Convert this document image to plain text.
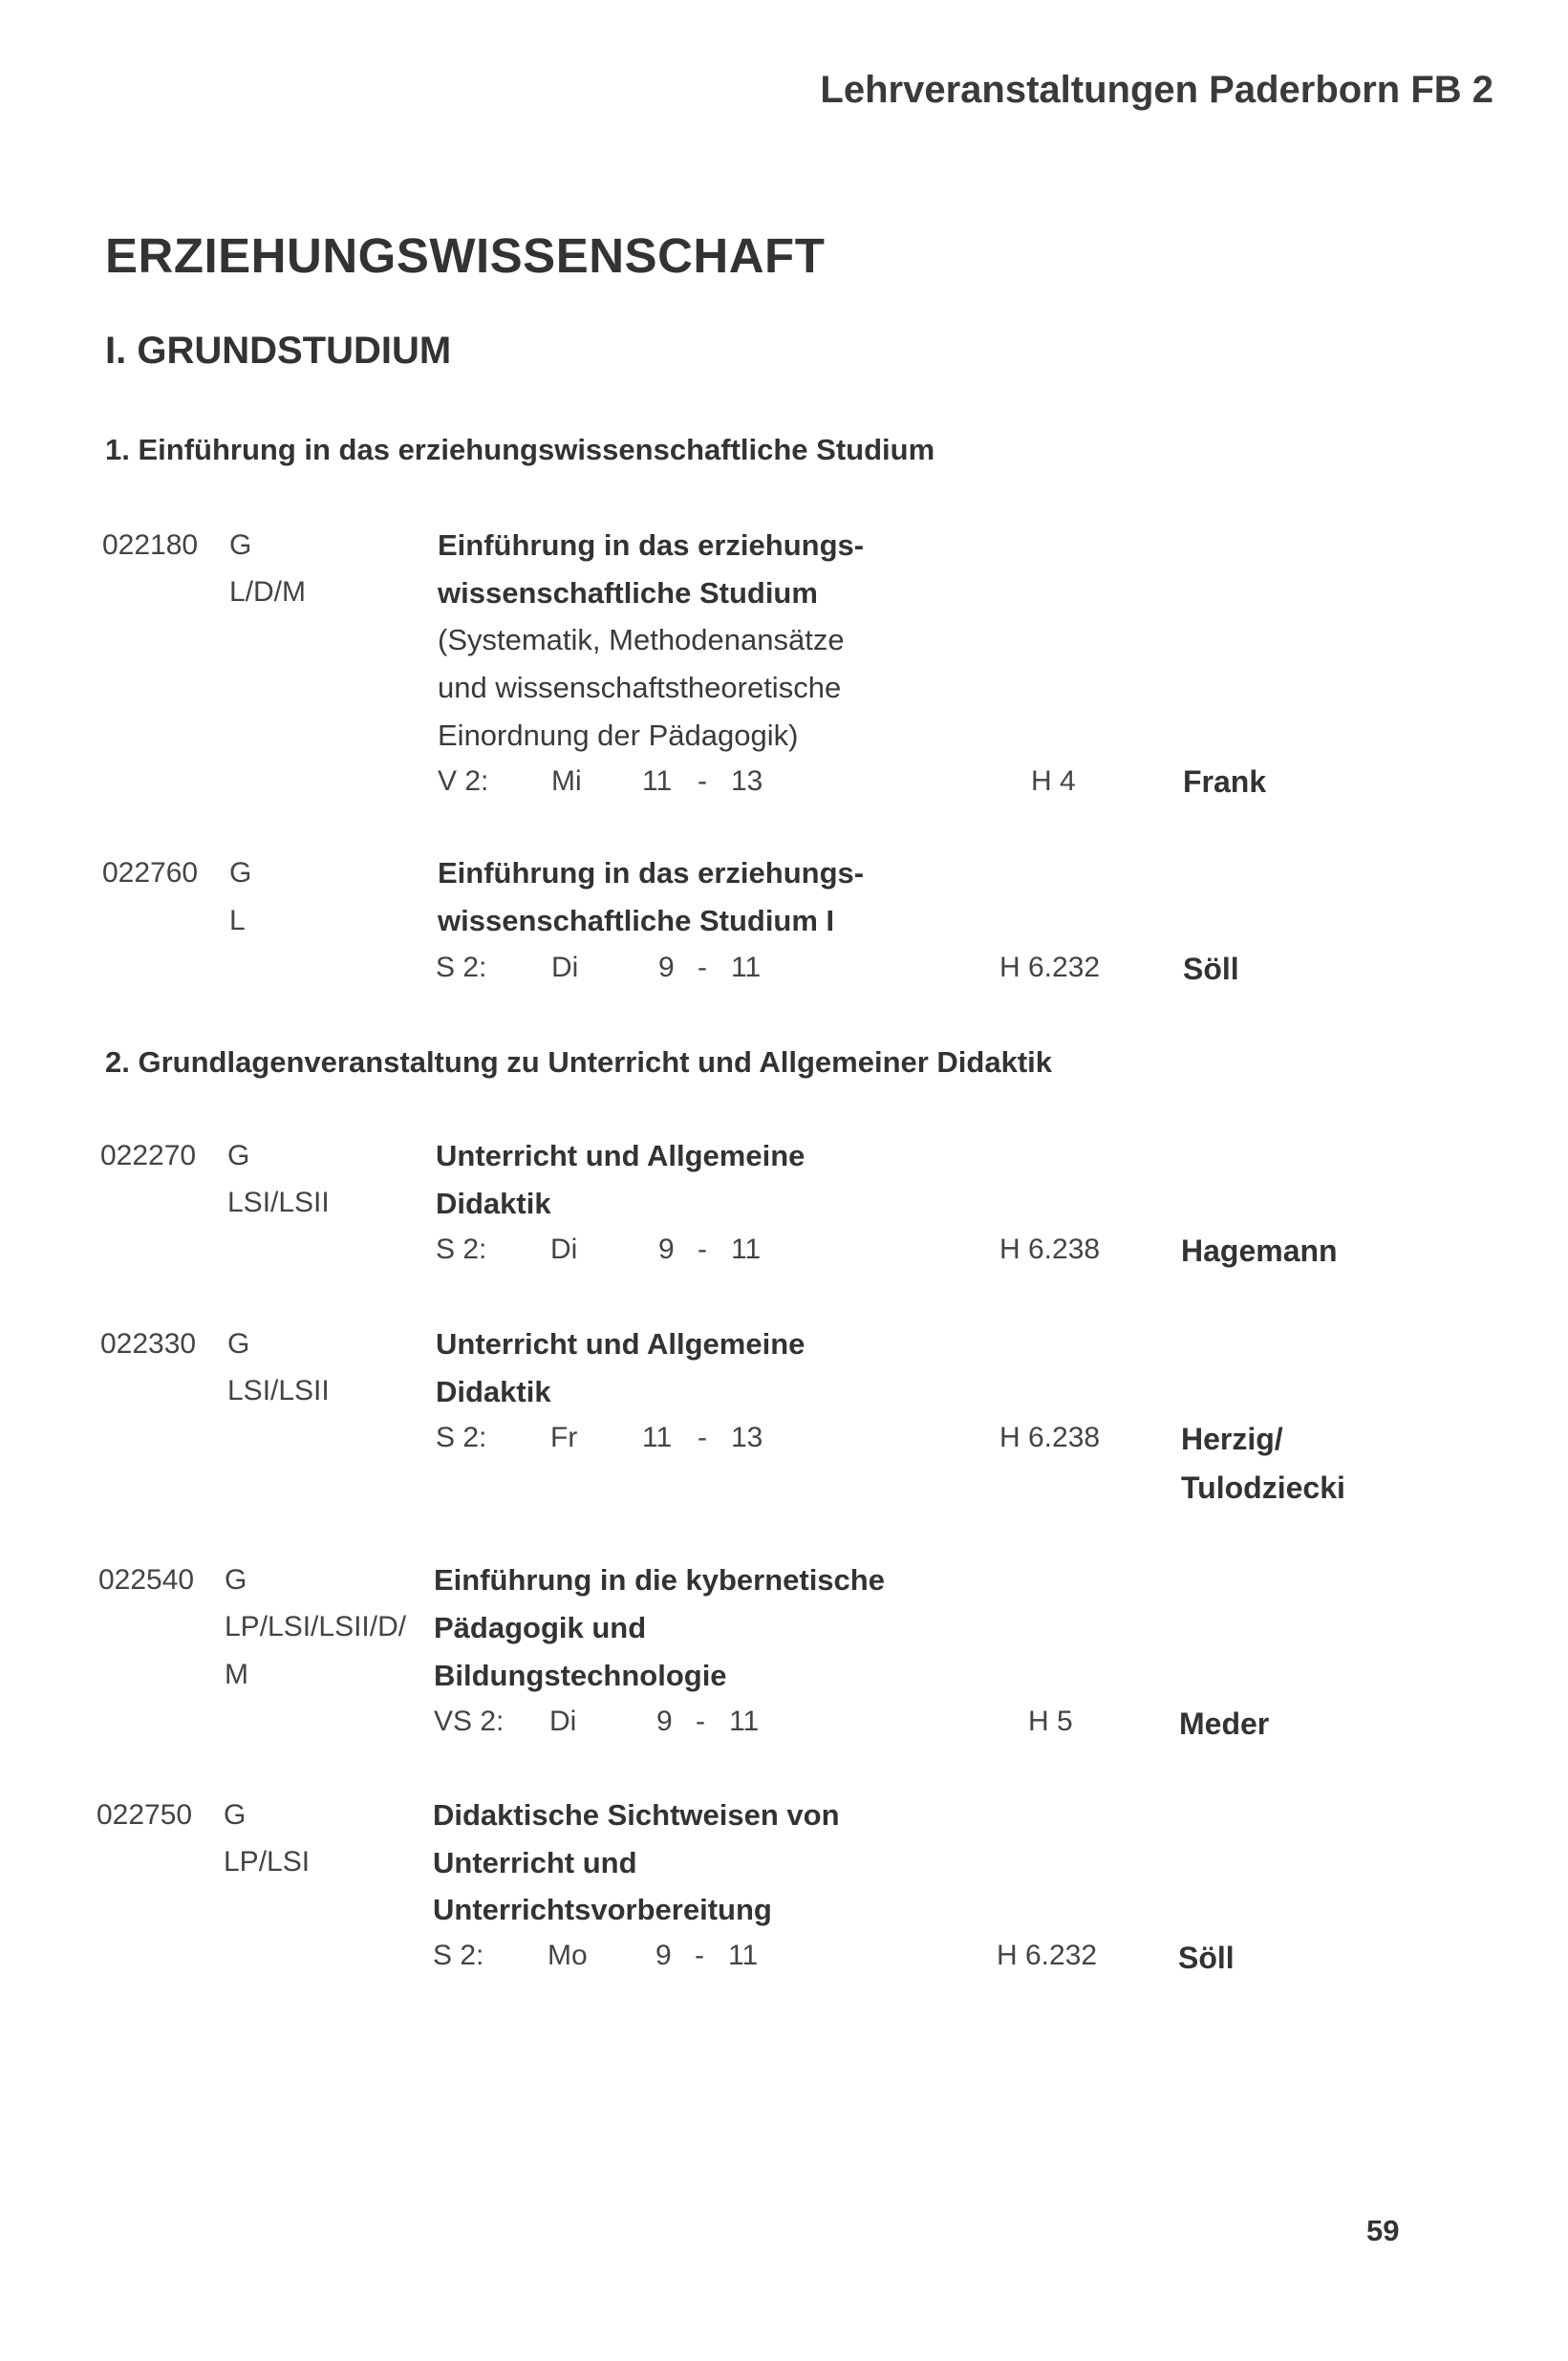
Lehrveranstaltungen Paderborn FB 2
ERZIEHUNGSWISSENSCHAFT
I. GRUNDSTUDIUM
1. Einführung in das erziehungswissenschaftliche Studium
022180 G
L/D/M
Einführung in das erziehungs-
wissenschaftliche Studium
(Systematik, Methodenansätze
und wissenschaftstheoretische
Einordnung der Pädagogik)
V 2: Mi 11 - 13	H 4	Frank
022760 G
L
Einführung in das erziehungs-
wissenschaftliche Studium I
S 2: Di	9 - 11	H 6.232	Söll
2. Grundlagenveranstaltung zu Unterricht und Allgemeiner Didaktik
022270 G
LSI/LSII
Unterricht und Allgemeine
Didaktik
S 2: Di	9 - 11	H 6.238	Hagemann
022330 G
LSI/LSII
Unterricht und Allgemeine
Didaktik
S 2: Fr 11 - 13	H 6.238	Herzig/
Tulodziecki
022540 G
LP/LSI/LSII/D/
M
Einführung in die kybernetische
Pädagogik und
Bildungstechnologie
VS 2: Di	9 - 11	H 5	Meder
022750 G
LP/LSI
Didaktische Sichtweisen von
Unterricht und
Unterrichtsvorbereitung
S 2: Mo 9 - 11	H 6.232	Söll
59
